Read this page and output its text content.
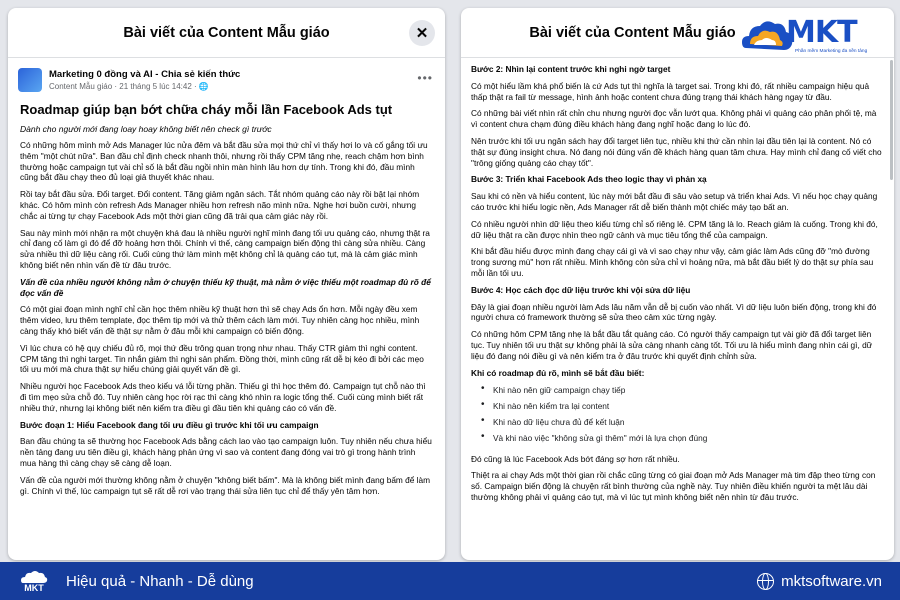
Bài viết của Content Mẫu giáo	✕
Marketing 0 đồng và AI - Chia sẻ kiến thức
Content Mẫu giáo · 21 tháng 5 lúc 14:42 · 🌐
•••
Roadmap giúp bạn bớt chữa cháy mỗi lần Facebook Ads tụt
Dành cho người mới đang loay hoay không biết nên check gì trước
Có những hôm mình mở Ads Manager lúc nửa đêm và bắt đầu sửa mọi thứ chỉ vì thấy hơi lo và cố gắng tối ưu thêm "một chút nữa". Ban đầu chỉ định check nhanh thôi, nhưng rồi thấy CPM tăng nhẹ, reach chậm hơn bình thường hoặc campaign tụt vài chỉ số là bắt đầu ngồi nhìn màn hình lâu hơn dự tính. Trong khi đó, đầu mình cũng bắt đầu chạy theo đủ loại giả thuyết khác nhau.
Rồi tay bắt đầu sửa. Đổi target. Đổi content. Tăng giảm ngân sách. Tắt nhóm quảng cáo này rồi bật lại nhóm khác. Có hôm mình còn refresh Ads Manager nhiều hơn refresh não mình nữa. Nghe hơi buồn cười, nhưng chắc ai từng tự chạy Facebook Ads một thời gian cũng đã trải qua cảm giác này rồi.
Sau này mình mới nhận ra một chuyện khá đau là nhiều người nghĩ mình đang tối ưu quảng cáo, nhưng thật ra chỉ đang cố làm gì đó để đỡ hoảng hơn thôi. Chính vì thế, càng campaign biến động thì càng sửa nhiều. Càng sửa nhiều thì dữ liệu càng rối. Cuối cùng thứ làm mình mệt không chỉ là quảng cáo tụt, mà là cảm giác mình không biết nên nhìn vấn đề từ đâu trước.
Vấn đề của nhiều người không nằm ở chuyện thiếu kỹ thuật, mà nằm ở việc thiếu một roadmap đủ rõ để đọc vấn đề
Có một giai đoạn mình nghĩ chỉ cần học thêm nhiều kỹ thuật hơn thì sẽ chạy Ads ổn hơn. Mỗi ngày đều xem thêm video, lưu thêm template, đọc thêm tip mới và thử thêm cách làm mới. Tuy nhiên càng học nhiều, mình càng thấy khó biết vấn đề thật sự nằm ở đâu mỗi khi campaign có biến động.
Vì lúc chưa có hệ quy chiếu đủ rõ, mọi thứ đều trông quan trọng như nhau. Thấy CTR giảm thì nghi content. CPM tăng thì nghi target. Tin nhắn giảm thì nghi sản phẩm. Đồng thời, mình cũng rất dễ bị kéo đi bởi các mẹo tối ưu mới mà chưa thật sự hiểu chúng giải quyết vấn đề gì.
Nhiều người học Facebook Ads theo kiểu vá lỗi từng phần. Thiếu gì thì học thêm đó. Campaign tụt chỗ nào thì đi tìm mẹo sửa chỗ đó. Tuy nhiên càng học rời rạc thì càng khó nhìn ra logic tổng thể. Cuối cùng mình biết rất nhiều thứ, nhưng lại không biết nên kiểm tra điều gì đầu tiên khi quảng cáo có vấn đề.
Bước đoạn 1: Hiểu Facebook đang tối ưu điều gì trước khi tối ưu campaign
Ban đầu chúng ta sẽ thường học Facebook Ads bằng cách lao vào tạo campaign luôn. Tuy nhiên nếu chưa hiểu nền tảng đang ưu tiên điều gì, khách hàng phản ứng vì sao và content đang đóng vai trò gì trong hành trình mua hàng thì càng chạy sẽ càng dễ loạn.
Vấn đề của người mới thường không nằm ở chuyện "không biết bấm". Mà là không biết mình đang bấm để làm gì. Chính vì thế, lúc campaign tụt sẽ rất dễ rơi vào trạng thái sửa liên tục chỉ để thấy yên tâm hơn.
Bài viết của Content Mẫu giáo
Bước 2: Nhìn lại content trước khi nghi ngờ target
Có một hiểu lầm khá phổ biến là cứ Ads tụt thì nghĩa là target sai. Trong khi đó, rất nhiều campaign hiệu quả thấp thật ra fail từ message, hình ảnh hoặc content chưa đúng trạng thái khách hàng ngay từ đầu.
Có những bài viết nhìn rất chỉn chu nhưng người đọc vẫn lướt qua. Không phải vì quảng cáo phân phối tệ, mà vì content chưa chạm đúng điều khách hàng đang nghĩ hoặc đang lo lúc đó.
Nên trước khi tối ưu ngân sách hay đổi target liên tục, nhiều khi thứ cần nhìn lại đầu tiên lại là content. Nó có thật sự đúng insight chưa. Nó đang nói đúng vấn đề khách hàng quan tâm chưa. Hay mình chỉ đang cố viết cho "trông giống quảng cáo chạy tốt".
Bước 3: Triển khai Facebook Ads theo logic thay vì phản xạ
Sau khi có nền và hiểu content, lúc này mới bắt đầu đi sâu vào setup và triển khai Ads. Vì nếu học chạy quảng cáo trước khi hiểu logic nền, Ads Manager rất dễ biến thành một chiếc máy tạo bất an.
Có nhiều người nhìn dữ liệu theo kiểu từng chỉ số riêng lẻ. CPM tăng là lo. Reach giảm là cuống. Trong khi đó, dữ liệu thật ra cần được nhìn theo ngữ cảnh và mục tiêu tổng thể của campaign.
Khi bắt đầu hiểu được mình đang chạy cái gì và vì sao chạy như vậy, cảm giác làm Ads cũng đỡ "mò đường trong sương mù" hơn rất nhiều. Mình không còn sửa chỉ vì hoảng nữa, mà bắt đầu biết lý do thật sự phía sau mỗi lần tối ưu.
Bước 4: Học cách đọc dữ liệu trước khi vội sửa dữ liệu
Đây là giai đoạn nhiều người làm Ads lâu năm vẫn dễ bị cuốn vào nhất. Vì dữ liệu luôn biến động, trong khi đó người chưa có framework thường sẽ sửa theo cảm xúc từng ngày.
Có những hôm CPM tăng nhẹ là bắt đầu tắt quảng cáo. Có người thấy campaign tụt vài giờ đã đổi target liên tục. Tuy nhiên tối ưu thật sự không phải là sửa càng nhanh càng tốt. Tối ưu là hiểu mình đang nhìn cái gì, dữ liệu đó đang nói điều gì và nên kiểm tra ở đâu trước khi quyết định chỉnh sửa.
Khi có roadmap đủ rõ, mình sẽ bắt đầu biết:
• Khi nào nên giữ campaign chạy tiếp
• Khi nào nên kiểm tra lại content
• Khi nào dữ liệu chưa đủ để kết luận
• Và khi nào việc "không sửa gì thêm" mới là lựa chọn đúng
Đó cũng là lúc Facebook Ads bớt đáng sợ hơn rất nhiều.
Thiệt ra ai chạy Ads một thời gian rồi chắc cũng từng có giai đoạn mở Ads Manager mà tim đập theo từng con số. Campaign biến động là chuyện rất bình thường của nghề này. Tuy nhiên điều khiến người ta mệt lâu dài thường không phải vì quảng cáo tụt, mà vì lúc tụt mình không biết nên nhìn từ đâu trước.
MKT
Phần mềm Marketing đa nền tảng
MKT Hiệu quả - Nhanh - Dễ dùng	mktsoftware.vn
